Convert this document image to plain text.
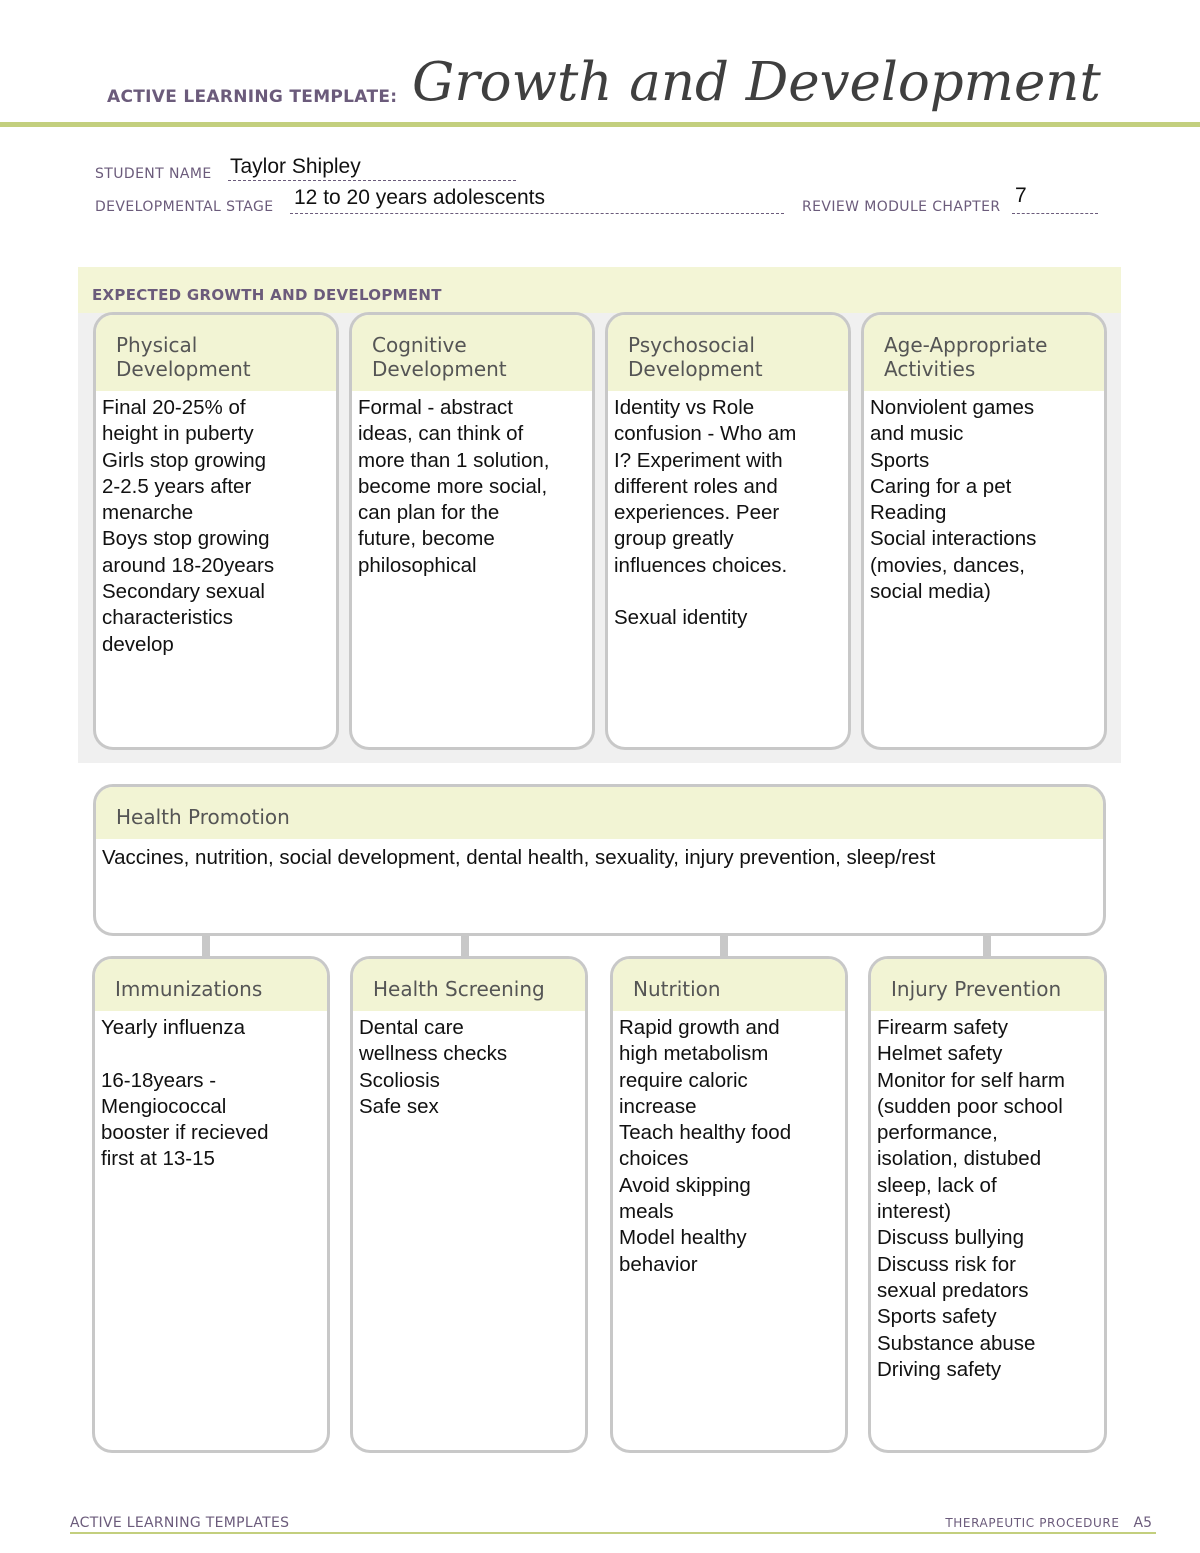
ACTIVE LEARNING TEMPLATE: Growth and Development
STUDENT NAME Taylor Shipley
DEVELOPMENTAL STAGE 12 to 20 years adolescents	REVIEW MODULE CHAPTER 7
EXPECTED GROWTH AND DEVELOPMENT
Physical
Development
Final 20-25% of
height in puberty
Girls stop growing
2-2.5 years after
menarche
Boys stop growing
around 18-20years
Secondary sexual
characteristics
develop
Cognitive
Development
Formal - abstract
ideas, can think of
more than 1 solution,
become more social,
can plan for the
future, become
philosophical
Psychosocial
Development
Identity vs Role
confusion - Who am
I? Experiment with
different roles and
experiences. Peer
group greatly
influences choices.

Sexual identity
Age-Appropriate
Activities
Nonviolent games
and music
Sports
Caring for a pet
Reading
Social interactions
(movies, dances,
social media)
Health Promotion
Vaccines, nutrition, social development, dental health, sexuality, injury prevention, sleep/rest
Immunizations
Yearly influenza

16-18years -
Mengiococcal
booster if recieved
first at 13-15
Health Screening
Dental care
wellness checks
Scoliosis
Safe sex
Nutrition
Rapid growth and
high metabolism
require caloric
increase
Teach healthy food
choices
Avoid skipping
meals
Model healthy
behavior
Injury Prevention
Firearm safety
Helmet safety
Monitor for self harm
(sudden poor school
performance,
isolation, distubed
sleep, lack of
interest)
Discuss bullying
Discuss risk for
sexual predators
Sports safety
Substance abuse
Driving safety
ACTIVE LEARNING TEMPLATES	THERAPEUTIC PROCEDURE A5
